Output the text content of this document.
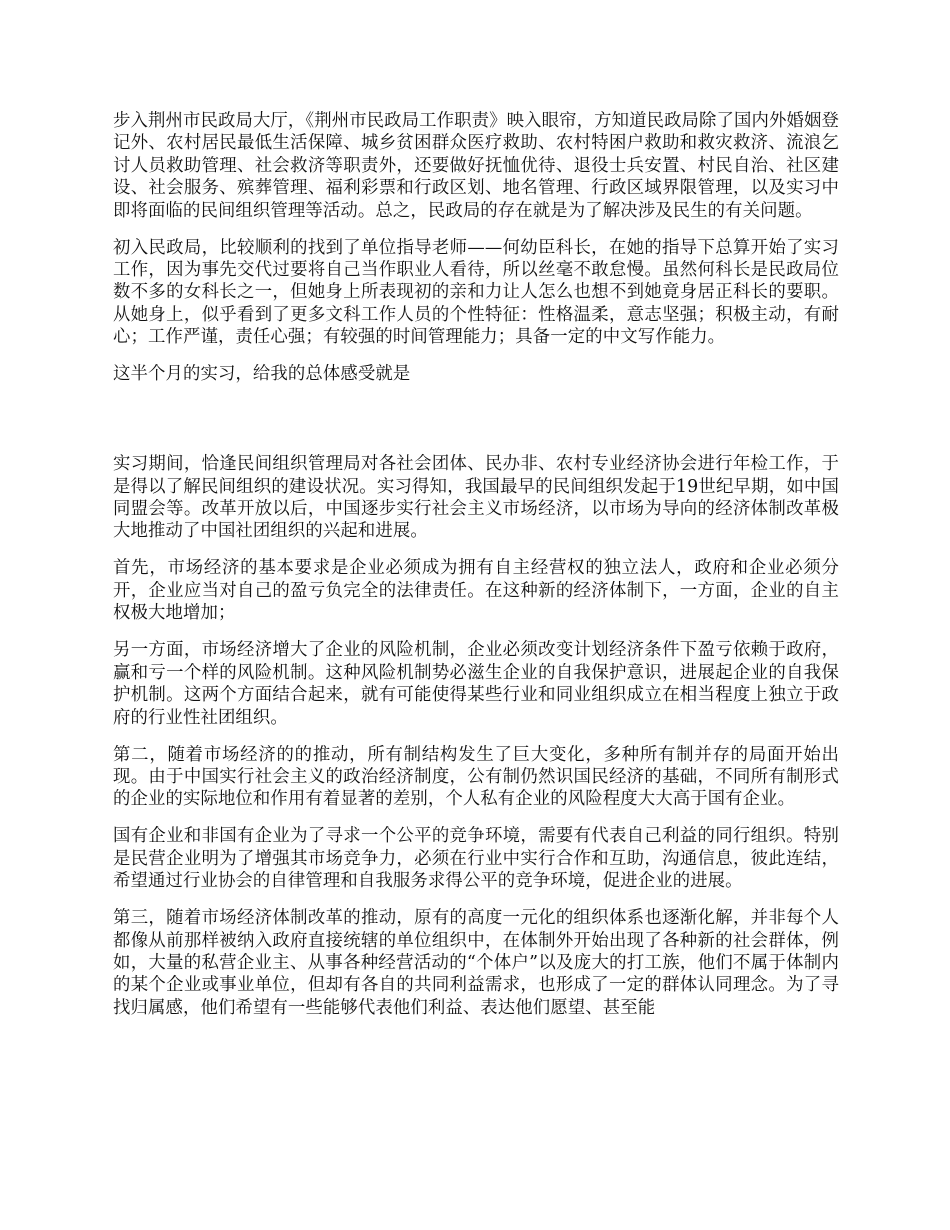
步入荆州市民政局大厅，《荆州市民政局工作职责》映入眼帘，方知道民政局除了国内外婚姻登记外、农村居民最低生活保障、城乡贫困群众医疗救助、农村特困户救助和救灾救济、流浪乞讨人员救助管理、社会救济等职责外，还要做好抚恤优待、退役士兵安置、村民自治、社区建设、社会服务、殡葬管理、福利彩票和行政区划、地名管理、行政区域界限管理，以及实习中即将面临的民间组织管理等活动。总之，民政局的存在就是为了解决涉及民生的有关问题。

初入民政局，比较顺利的找到了单位指导老师——何幼臣科长，在她的指导下总算开始了实习工作，因为事先交代过要将自己当作职业人看待，所以丝毫不敢怠慢。虽然何科长是民政局位数不多的女科长之一，但她身上所表现初的亲和力让人怎么也想不到她竟身居正科长的要职。从她身上，似乎看到了更多文科工作人员的个性特征：性格温柔，意志坚强；积极主动，有耐心；工作严谨，责任心强；有较强的时间管理能力；具备一定的中文写作能力。

这半个月的实习，给我的总体感受就是

实习期间，恰逢民间组织管理局对各社会团体、民办非、农村专业经济协会进行年检工作，于是得以了解民间组织的建设状况。实习得知，我国最早的民间组织发起于19世纪早期，如中国同盟会等。改革开放以后，中国逐步实行社会主义市场经济，以市场为导向的经济体制改革极大地推动了中国社团组织的兴起和进展。

首先，市场经济的基本要求是企业必须成为拥有自主经营权的独立法人，政府和企业必须分开，企业应当对自己的盈亏负完全的法律责任。在这种新的经济体制下，一方面，企业的自主权极大地增加；

另一方面，市场经济增大了企业的风险机制，企业必须改变计划经济条件下盈亏依赖于政府，赢和亏一个样的风险机制。这种风险机制势必滋生企业的自我保护意识，进展起企业的自我保护机制。这两个方面结合起来，就有可能使得某些行业和同业组织成立在相当程度上独立于政府的行业性社团组织。

第二，随着市场经济的的推动，所有制结构发生了巨大变化，多种所有制并存的局面开始出现。由于中国实行社会主义的政治经济制度，公有制仍然识国民经济的基础，不同所有制形式的企业的实际地位和作用有着显著的差别，个人私有企业的风险程度大大高于国有企业。

国有企业和非国有企业为了寻求一个公平的竞争环境，需要有代表自己利益的同行组织。特别是民营企业明为了增强其市场竞争力，必须在行业中实行合作和互助，沟通信息，彼此连结，希望通过行业协会的自律管理和自我服务求得公平的竞争环境，促进企业的进展。

第三，随着市场经济体制改革的推动，原有的高度一元化的组织体系也逐渐化解，并非每个人都像从前那样被纳入政府直接统辖的单位组织中，在体制外开始出现了各种新的社会群体，例如，大量的私营企业主、从事各种经营活动的“个体户”以及庞大的打工族，他们不属于体制内的某个企业或事业单位，但却有各自的共同利益需求，也形成了一定的群体认同理念。为了寻找归属感，他们希望有一些能够代表他们利益、表达他们愿望、甚至能
